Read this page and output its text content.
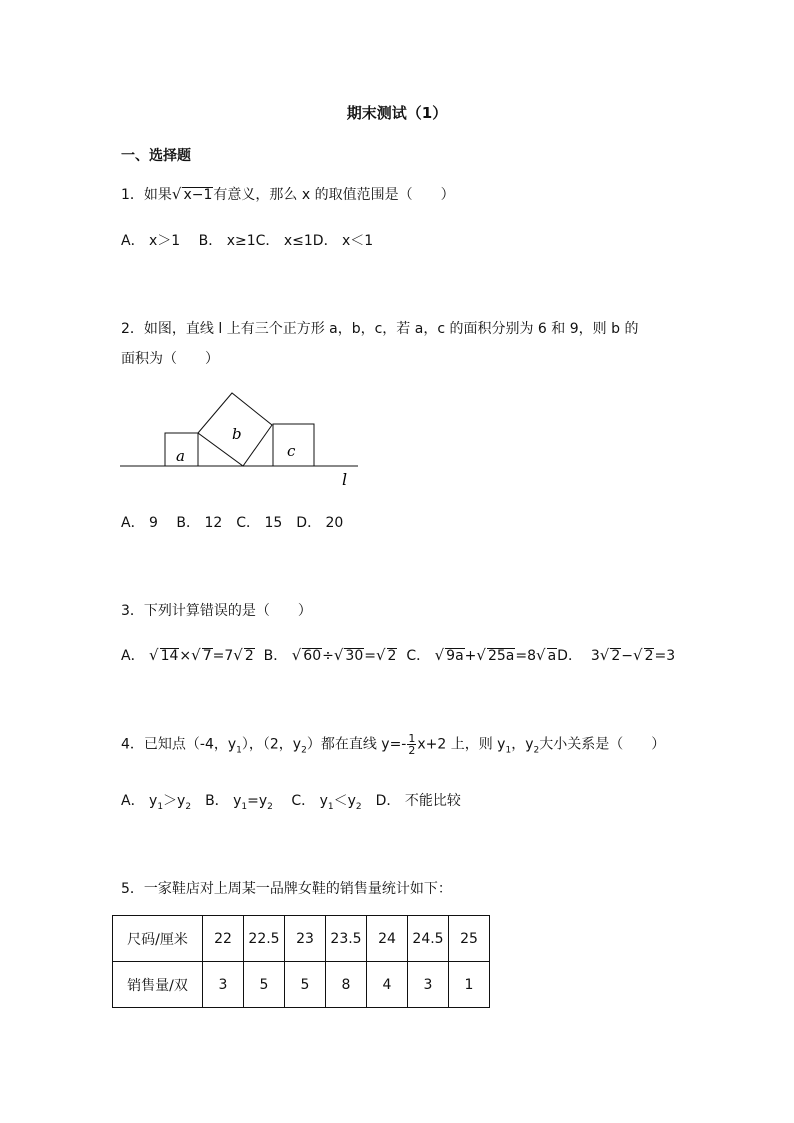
期末测试（1）
一、选择题
1．如果√ x−1有意义，那么 x 的取值范围是（　　）
A． x＞1　 B． x≥1C． x≤1D． x＜1
2．如图，直线 l 上有三个正方形 a，b，c，若 a，c 的面积分别为 6 和 9，则 b 的
面积为（　　）
a
b
c
l
A． 9　 B． 12　C． 15　D． 20
3．下列计算错误的是（　　）
A． √ 14×√ 7=7√ 2 B． √ 60÷√ 30=√ 2 C． √ 9a+√ 25a=8√ aD． 3√ 2−√ 2=3
4．已知点（-4，$y_1$），（2，$y_2$）都在直线 $y=- \frac{1}{2} x+2$ 上，则 $y_1$，$y_2$大小关系是（　　）
A． $y_1>y_2$　B． $y_1=y_2$　 C． $y_1<y_2$　D． 不能比较
5．一家鞋店对上周某一品牌女鞋的销售量统计如下：
尺码/厘米	22	22.5	23	23.5	24	24.5	25
销售量/双	3	5	5	8	4	3	1
